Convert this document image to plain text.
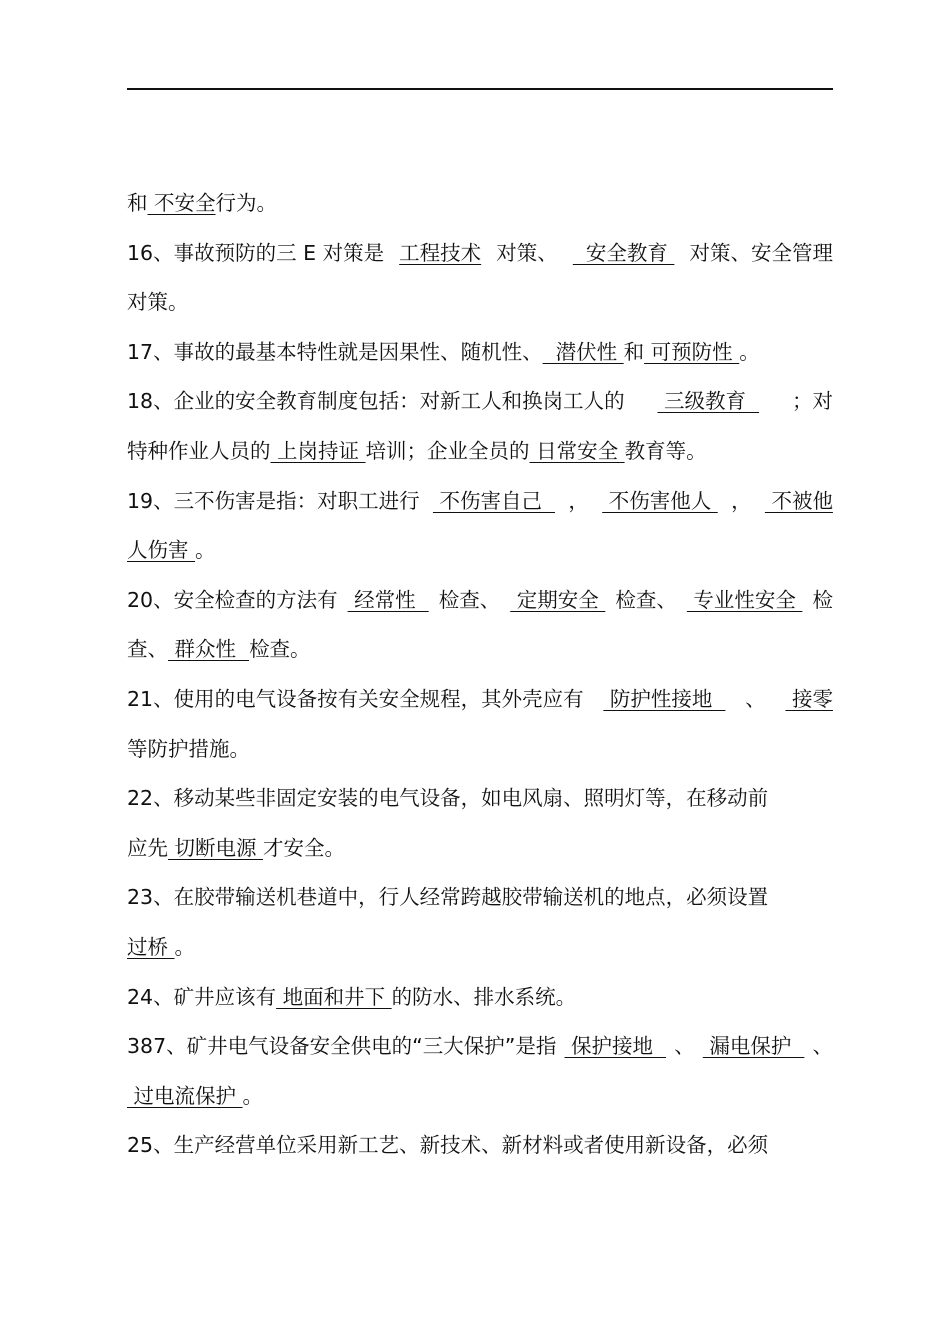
和 不安全行为。
16、事故预防的三 E 对策是 工程技术 对策、 安全教育 对策、安全管理
对策。
17、事故的最基本特性就是因果性、随机性、  潜伏性 和 可预防性 。
18、企业的安全教育制度包括：对新工人和换岗工人的 三级教育 ；对
特种作业人员的 上岗持证 培训；企业全员的 日常安全 教育等。
19、三不伤害是指：对职工进行 不伤害自己 ， 不伤害他人 ， 不被他
人伤害 。
20、安全检查的方法有 经常性 检查、 定期安全 检查、 专业性安全 检
查、 群众性  检查。
21、使用的电气设备按有关安全规程，其外壳应有 防护性接地 、 接零
等防护措施。
22、移动某些非固定安装的电气设备，如电风扇、照明灯等，在移动前
应先 切断电源 才安全。
23、在胶带输送机巷道中，行人经常跨越胶带输送机的地点，必须设置
过桥 。
24、矿井应该有 地面和井下 的防水、排水系统。
387、矿井电气设备安全供电的“三大保护”是指 保护接地 、 漏电保护 、
过电流保护 。
25、生产经营单位采用新工艺、新技术、新材料或者使用新设备，必须
